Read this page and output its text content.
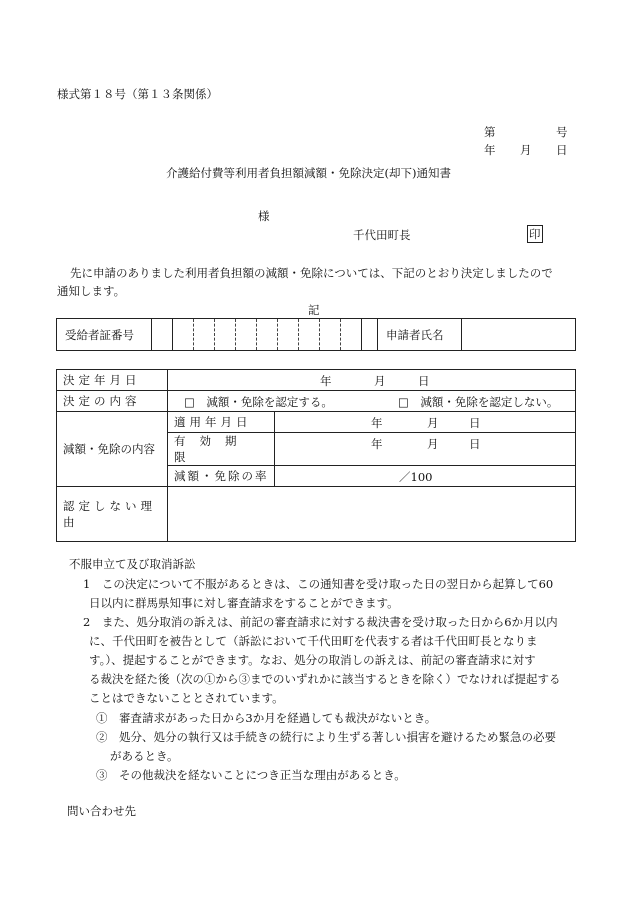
様式第１８号（第１３条関係）
第	号
年 月 日
介護給付費等利用者負担額減額・免除決定(却下)通知書
様
千代田町長	印
先に申請のありました利用者負担額の減額・免除については、下記のとおり決定しましたので
通知します。
記
受給者証番号												申請者氏名	
決定年月日	年 月 日	

決定の内容	□　減額・免除を認定する。 □　減額・免除を認定しない。	

減額・免除の内容	適用年月日	年 月 日

	有効期限	年 月 日

	減額・免除の率	／100

認定しない理由		
不服申立て及び取消訴訟
1　この決定について不服があるときは、この通知書を受け取った日の翌日から起算して60
日以内に群馬県知事に対し審査請求をすることができます。
2　また、処分取消の訴えは、前記の審査請求に対する裁決書を受け取った日から6か月以内
に、千代田町を被告として（訴訟において千代田町を代表する者は千代田町長となりま
す。）、提起することができます。なお、処分の取消しの訴えは、前記の審査請求に対す
る裁決を経た後（次の①から③までのいずれかに該当するときを除く）でなければ提起する
ことはできないこととされています。
①　審査請求があった日から3か月を経過しても裁決がないとき。
②　処分、処分の執行又は手続きの続行により生ずる著しい損害を避けるため緊急の必要
があるとき。
③　その他裁決を経ないことにつき正当な理由があるとき。
問い合わせ先
